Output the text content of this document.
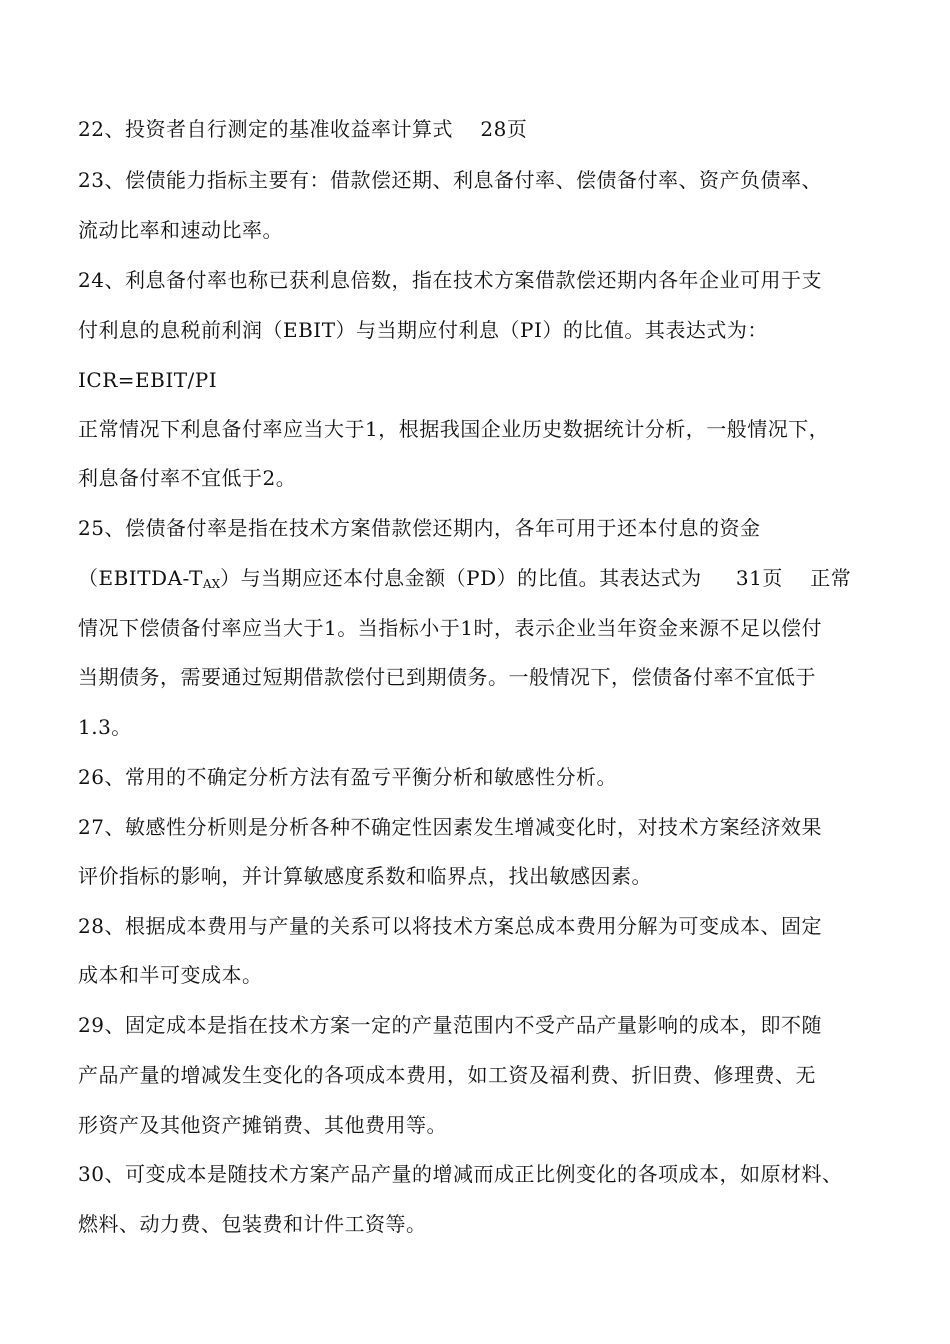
22、投资者自行测定的基准收益率计算式    28页
23、偿债能力指标主要有：借款偿还期、利息备付率、偿债备付率、资产负债率、
流动比率和速动比率。
24、利息备付率也称已获利息倍数，指在技术方案借款偿还期内各年企业可用于支
付利息的息税前利润（EBIT）与当期应付利息（PI）的比值。其表达式为：
ICR=EBIT/PI
正常情况下利息备付率应当大于1，根据我国企业历史数据统计分析，一般情况下，
利息备付率不宜低于2。
25、偿债备付率是指在技术方案借款偿还期内，各年可用于还本付息的资金
$(EBITDA-T_{AX})$与当期应还本付息金额（PD）的比值。其表达式为     31页    正常
情况下偿债备付率应当大于1。当指标小于1时，表示企业当年资金来源不足以偿付
当期债务，需要通过短期借款偿付已到期债务。一般情况下，偿债备付率不宜低于
1.3。
26、常用的不确定分析方法有盈亏平衡分析和敏感性分析。
27、敏感性分析则是分析各种不确定性因素发生增减变化时，对技术方案经济效果
评价指标的影响，并计算敏感度系数和临界点，找出敏感因素。
28、根据成本费用与产量的关系可以将技术方案总成本费用分解为可变成本、固定
成本和半可变成本。
29、固定成本是指在技术方案一定的产量范围内不受产品产量影响的成本，即不随
产品产量的增减发生变化的各项成本费用，如工资及福利费、折旧费、修理费、无
形资产及其他资产摊销费、其他费用等。
30、可变成本是随技术方案产品产量的增减而成正比例变化的各项成本，如原材料、
燃料、动力费、包装费和计件工资等。
